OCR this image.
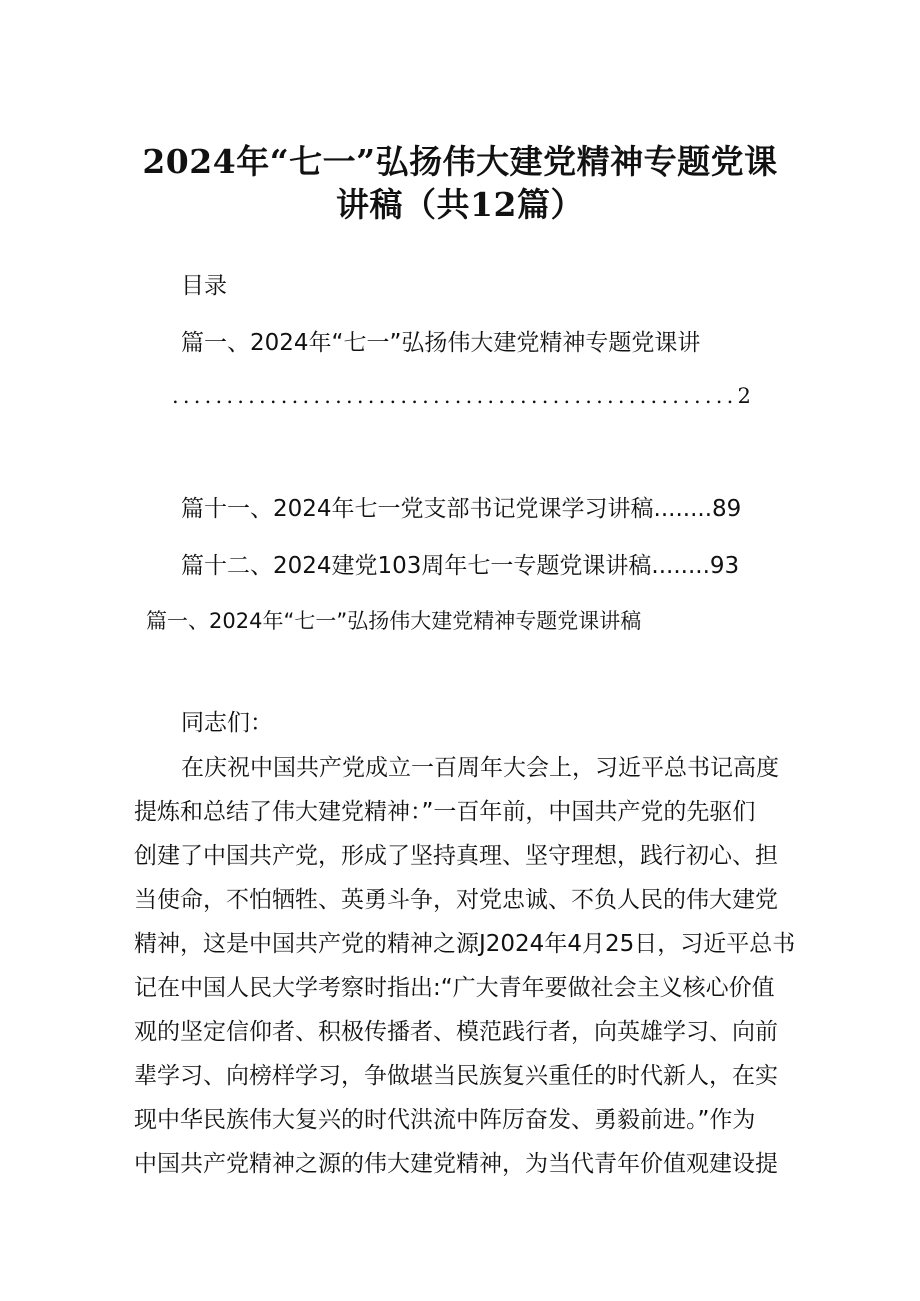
2024年“七一”弘扬伟大建党精神专题党课
讲稿（共12篇）
目录
篇一、2024年“七一”弘扬伟大建党精神专题党课讲
....................................................2
篇十一、2024年七一党支部书记党课学习讲稿........89
篇十二、2024建党103周年七一专题党课讲稿........93
篇一、2024年“七一”弘扬伟大建党精神专题党课讲稿
同志们：
在庆祝中国共产党成立一百周年大会上，习近平总书记高度
提炼和总结了伟大建党精神：”一百年前，中国共产党的先驱们
创建了中国共产党，形成了坚持真理、坚守理想，践行初心、担
当使命，不怕牺牲、英勇斗争，对党忠诚、不负人民的伟大建党
精神，这是中国共产党的精神之源J2024年4月25日，习近平总书
记在中国人民大学考察时指出:“广大青年要做社会主义核心价值
观的坚定信仰者、积极传播者、模范践行者，向英雄学习、向前
辈学习、向榜样学习，争做堪当民族复兴重任的时代新人，在实
现中华民族伟大复兴的时代洪流中阵厉奋发、勇毅前进。”作为
中国共产党精神之源的伟大建党精神，为当代青年价值观建设提
